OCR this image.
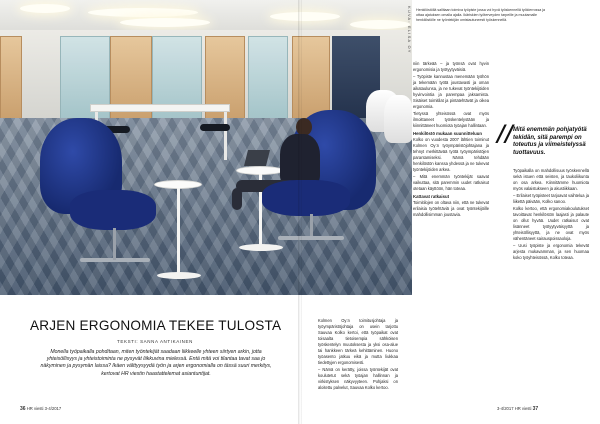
ARJEN ERGONOMIA TEKEE TULOSTA
TEKSTI: SANNA ANTIKAINEN

Monella työpaikalla pohditaan, miten työntekijät saadaan liikkeelle yhteen siirtyen arkin, jotta yhteisöllisyys ja yhteistoiminta ne pysyvät liikkuvina mielessä. Entä mitä voi tilantaa tavat saa jo näkyminen ja pysymän laissa? Ikäen välttyysyydä työn ja arjen ergonomialla on tässä suuri merkitys, kertovat HR viestin haastattelemat asiantuntijat.

36 HR viesti 3-4/2017
KUVA: ELISA OY Henkilöstöllä sallitaan toimiva työpiste jossa voi hyvä työskennellä työkierrossa ja ottaa ajatuksen omalla ajalla. Ikäriskien työterveyden tarpeille ja muutamalle henkilöstölle ne työntekijän omistautuneesti työskennellä.

Kolmen Oy:n toimitusjohtaja ja työympäristöjohtaja on usein tarjottu Sauvaa Kolko kertoi, että työpaikat ovat toisaalta tietoisempia sähköisen työskentelyn muutoksesta ja yksi osa-alue tai hankkeen tärkeä kehittäminen. Huono työasento jatkuu eikä ja mutta liukkaa tiedettyjen ergonomisesti.

– Nämä on kerätty, joissa työntekijät ovat koulutetut sekä työajan hallinnan ja virkistyksen näkyvyyteen. Pohjaksi on aloitettu palvelut, Sauvaa Kolko kertoo.

niin tärkeää – ja työnsä ovat hyvin ergonomisia ja työtyytyväisiä.

– Työpiste kannustaa menemään työhön ja tekemään työtä joustavasti ja oman aikataulunsa, ja ne tukevat työntekijöiden hyvinvointia ja parempaa jaksamista. Sisäiset toimitilat ja pintatehtävät ja oikea ergonomia.

Tietyssä yhteisössä ovat myös ilmoittaneet työskentelystään ja kiinnittäneet huomiota työajan hallintaan.

Henkilöstö mukaan suunnitteluun

Kolko on vuodesta 2007 lähtien toiminut Kolmen Oy:n työympäristöjohtajana ja tehnyt merkittävää työtä työympäristöjen parantamiseksi. Nämä tehdään henkilöstön kanssa yhdessä ja ne tukevat työntekijöiden arkea.

– Mitä enemmän työntekijät saavat vaikuttaa, sitä paremmin uudet ratkaisut otetaan käyttöön, hän toteaa.

Kattavat ratkaisut

Toimitilojen on oltava niin, että ne tukevat erilaisia työtehtäviä ja ovat työntekijöille mahdollisimman joustavia.

// Mitä enemmän pohjatyötä tekidän, sitä parempi on toteutus ja viimeistelyssä tuottavuus.

Työpaikalla on mahdollisuus työskennellä sekä istuen että seisten, ja taukoliikunta on osa arkea. Kiinnitämme huomiota myös valaistukseen ja akustiikkaan.

– Erilaiset työpisteet tarjoavat vaihtelua ja liikettä päivään, Kolko sanoo.

Kolko kertoo, että ergonomiakoulutukset tavoittavat henkilöstön laajasti ja palaute on ollut hyvää. Uudet ratkaisut ovat lisänneet työtyytyväisyyttä ja yhteisöllisyyttä, ja ne ovat myös vähentäneet sairauspoissaoloja.

– Uusi työpiste ja ergonomia tekevät arjesta mukavamman, ja sen huomaa koko työyhteisössä, Kolko toteaa.

3-4/2017 HR viesti 37
